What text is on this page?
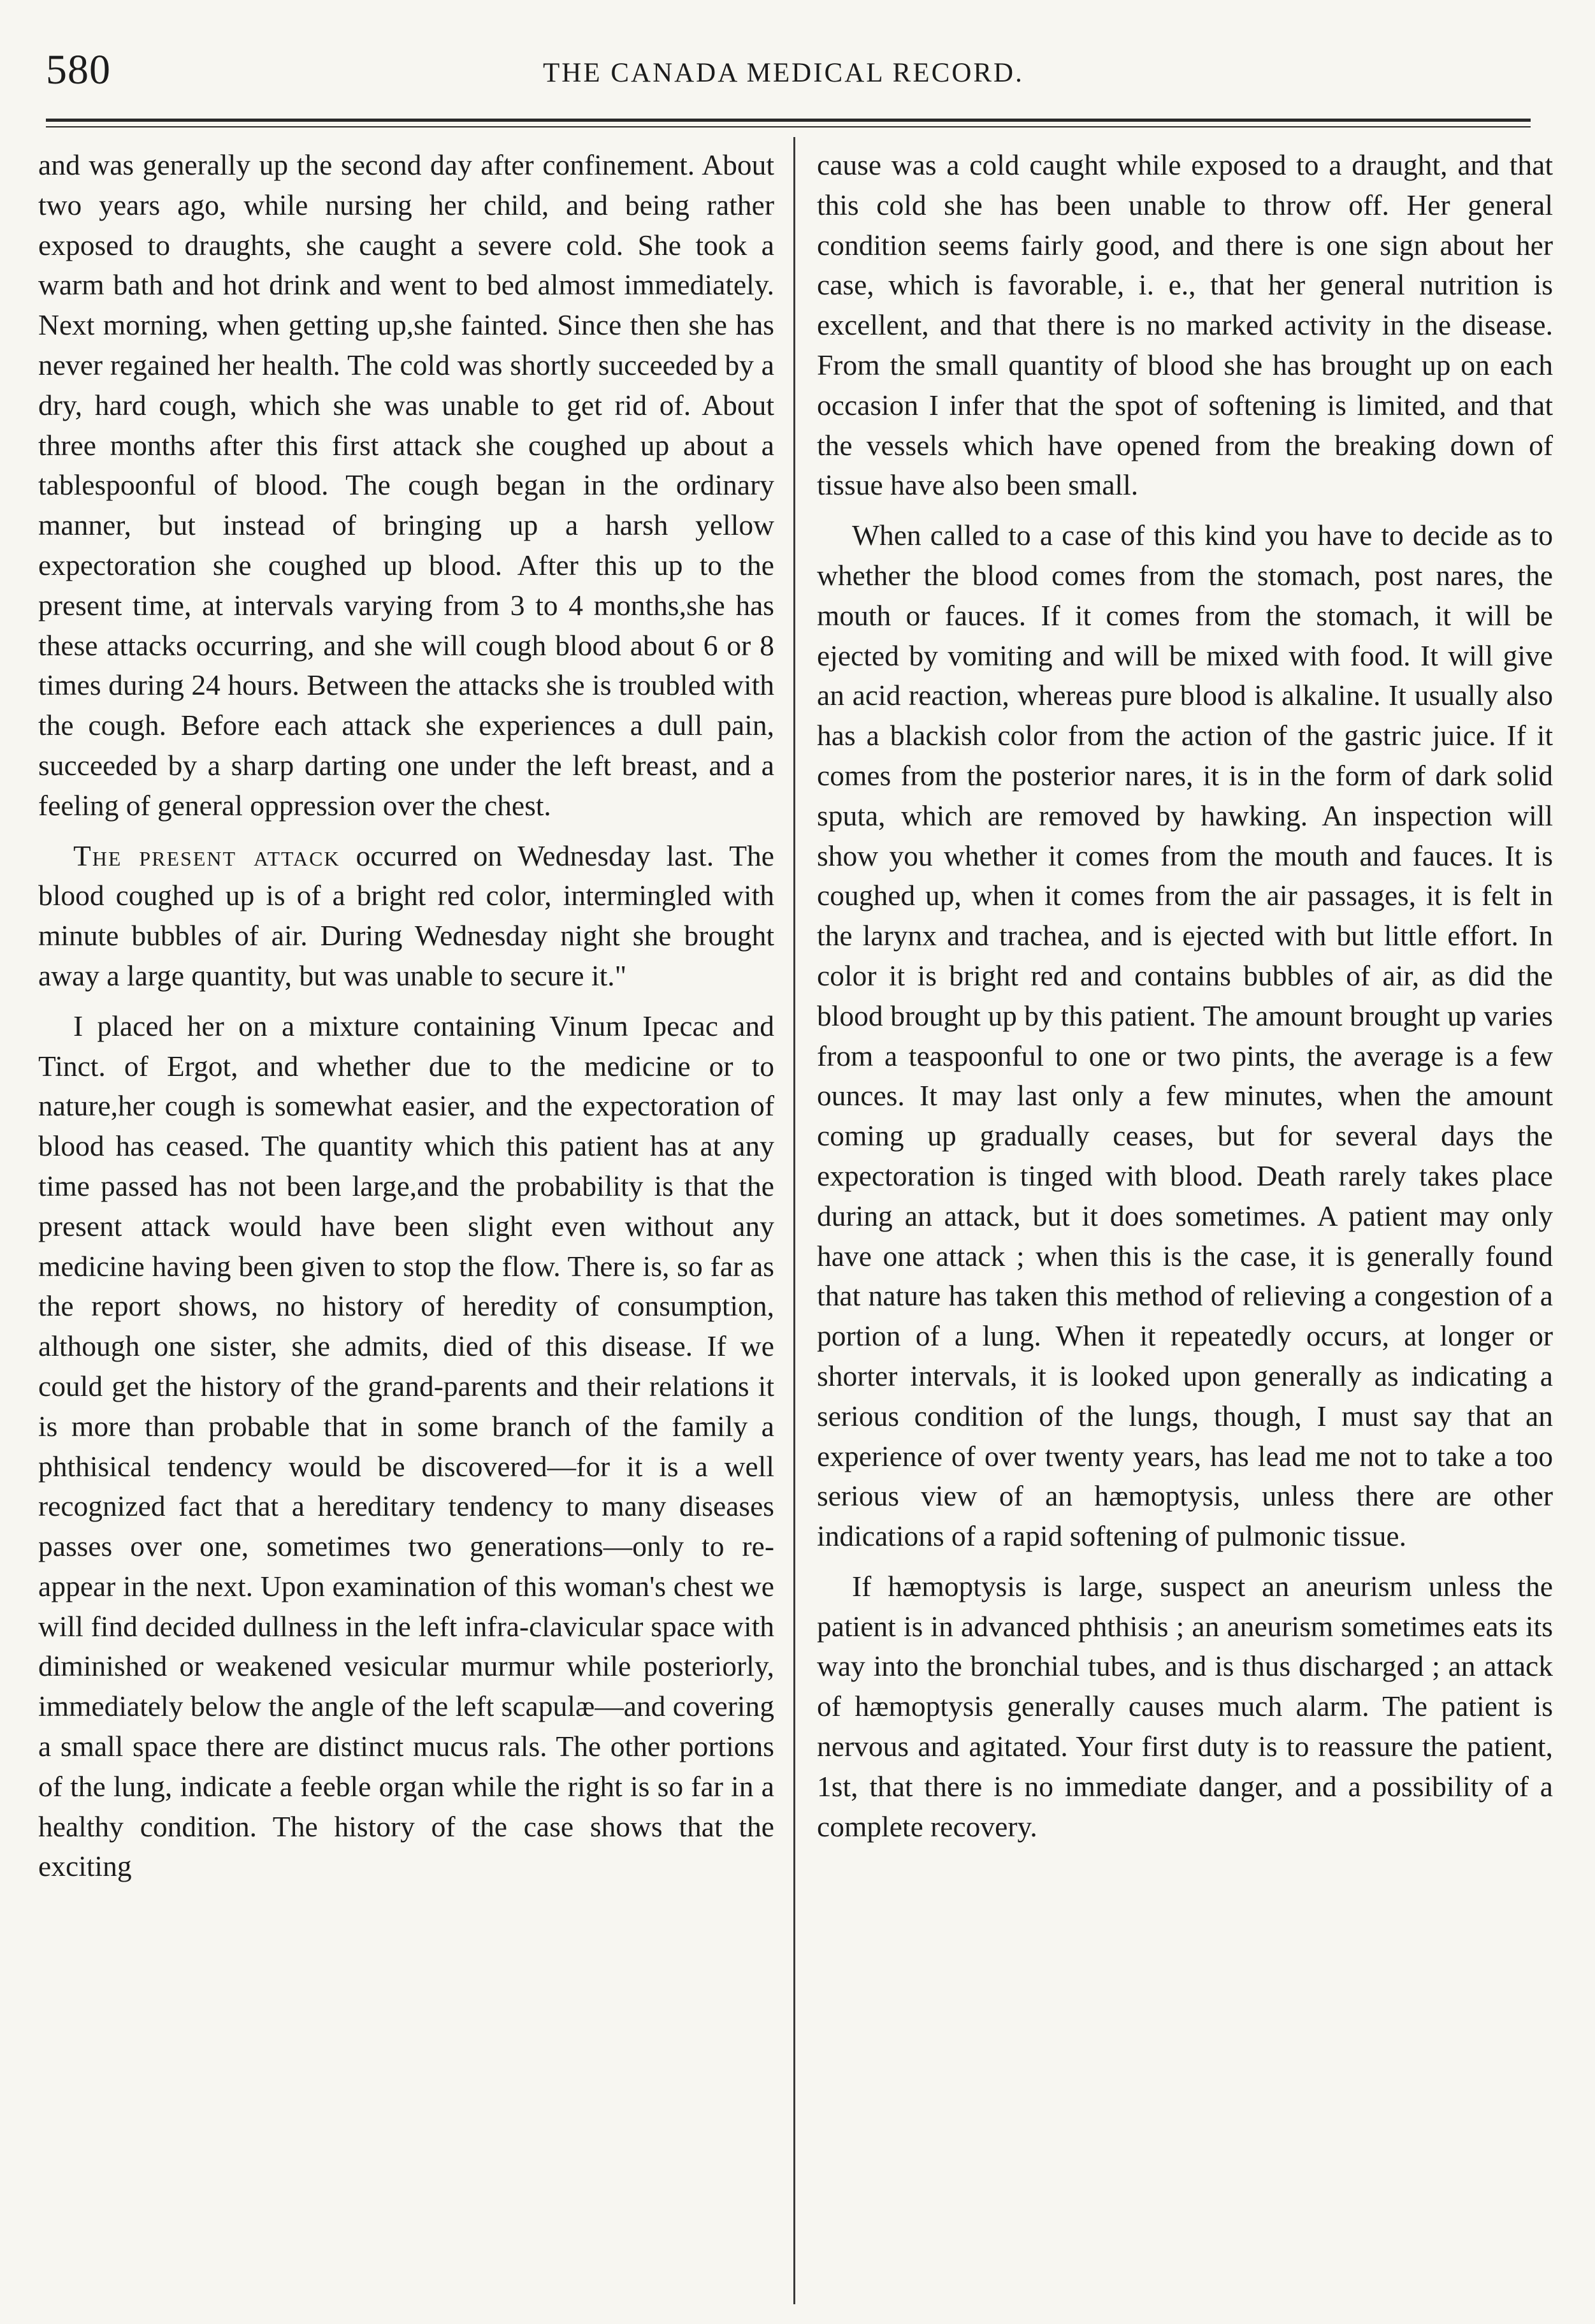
580	THE CANADA MEDICAL RECORD.

and was generally up the second day after confinement. About two years ago, while nursing her child, and being rather exposed to draughts, she caught a severe cold. She took a warm bath and hot drink and went to bed almost immediately. Next morning, when getting up,she fainted. Since then she has never regained her health. The cold was shortly succeeded by a dry, hard cough, which she was unable to get rid of. About three months after this first attack she coughed up about a tablespoonful of blood. The cough began in the ordinary manner, but instead of bringing up a harsh yellow expectoration she coughed up blood. After this up to the present time, at intervals varying from 3 to 4 months,she has these attacks occurring, and she will cough blood about 6 or 8 times during 24 hours. Between the attacks she is troubled with the cough. Before each attack she experiences a dull pain, succeeded by a sharp darting one under the left breast, and a feeling of general oppression over the chest.

The present attack occurred on Wednesday last. The blood coughed up is of a bright red color, intermingled with minute bubbles of air. During Wednesday night she brought away a large quantity, but was unable to secure it."

I placed her on a mixture containing Vinum Ipecac and Tinct. of Ergot, and whether due to the medicine or to nature,her cough is somewhat easier, and the expectoration of blood has ceased. The quantity which this patient has at any time passed has not been large,and the probability is that the present attack would have been slight even without any medicine having been given to stop the flow. There is, so far as the report shows, no history of heredity of consumption, although one sister, she admits, died of this disease. If we could get the history of the grand-parents and their relations it is more than probable that in some branch of the family a phthisical tendency would be discovered—for it is a well recognized fact that a hereditary tendency to many diseases passes over one, sometimes two generations—only to re-appear in the next. Upon examination of this woman's chest we will find decided dullness in the left infra-clavicular space with diminished or weakened vesicular murmur while posteriorly, immediately below the angle of the left scapulæ—and covering a small space there are distinct mucus rals. The other portions of the lung, indicate a feeble organ while the right is so far in a healthy condition. The history of the case shows that the exciting

cause was a cold caught while exposed to a draught, and that this cold she has been unable to throw off. Her general condition seems fairly good, and there is one sign about her case, which is favorable, i. e., that her general nutrition is excellent, and that there is no marked activity in the disease. From the small quantity of blood she has brought up on each occasion I infer that the spot of softening is limited, and that the vessels which have opened from the breaking down of tissue have also been small.

When called to a case of this kind you have to decide as to whether the blood comes from the stomach, post nares, the mouth or fauces. If it comes from the stomach, it will be ejected by vomiting and will be mixed with food. It will give an acid reaction, whereas pure blood is alkaline. It usually also has a blackish color from the action of the gastric juice. If it comes from the posterior nares, it is in the form of dark solid sputa, which are removed by hawking. An inspection will show you whether it comes from the mouth and fauces. It is coughed up, when it comes from the air passages, it is felt in the larynx and trachea, and is ejected with but little effort. In color it is bright red and contains bubbles of air, as did the blood brought up by this patient. The amount brought up varies from a teaspoonful to one or two pints, the average is a few ounces. It may last only a few minutes, when the amount coming up gradually ceases, but for several days the expectoration is tinged with blood. Death rarely takes place during an attack, but it does sometimes. A patient may only have one attack ; when this is the case, it is generally found that nature has taken this method of relieving a congestion of a portion of a lung. When it repeatedly occurs, at longer or shorter intervals, it is looked upon generally as indicating a serious condition of the lungs, though, I must say that an experience of over twenty years, has lead me not to take a too serious view of an hæmoptysis, unless there are other indications of a rapid softening of pulmonic tissue.

If hæmoptysis is large, suspect an aneurism unless the patient is in advanced phthisis ; an aneurism sometimes eats its way into the bronchial tubes, and is thus discharged ; an attack of hæmoptysis generally causes much alarm. The patient is nervous and agitated. Your first duty is to reassure the patient, 1st, that there is no immediate danger, and a possibility of a complete recovery.
